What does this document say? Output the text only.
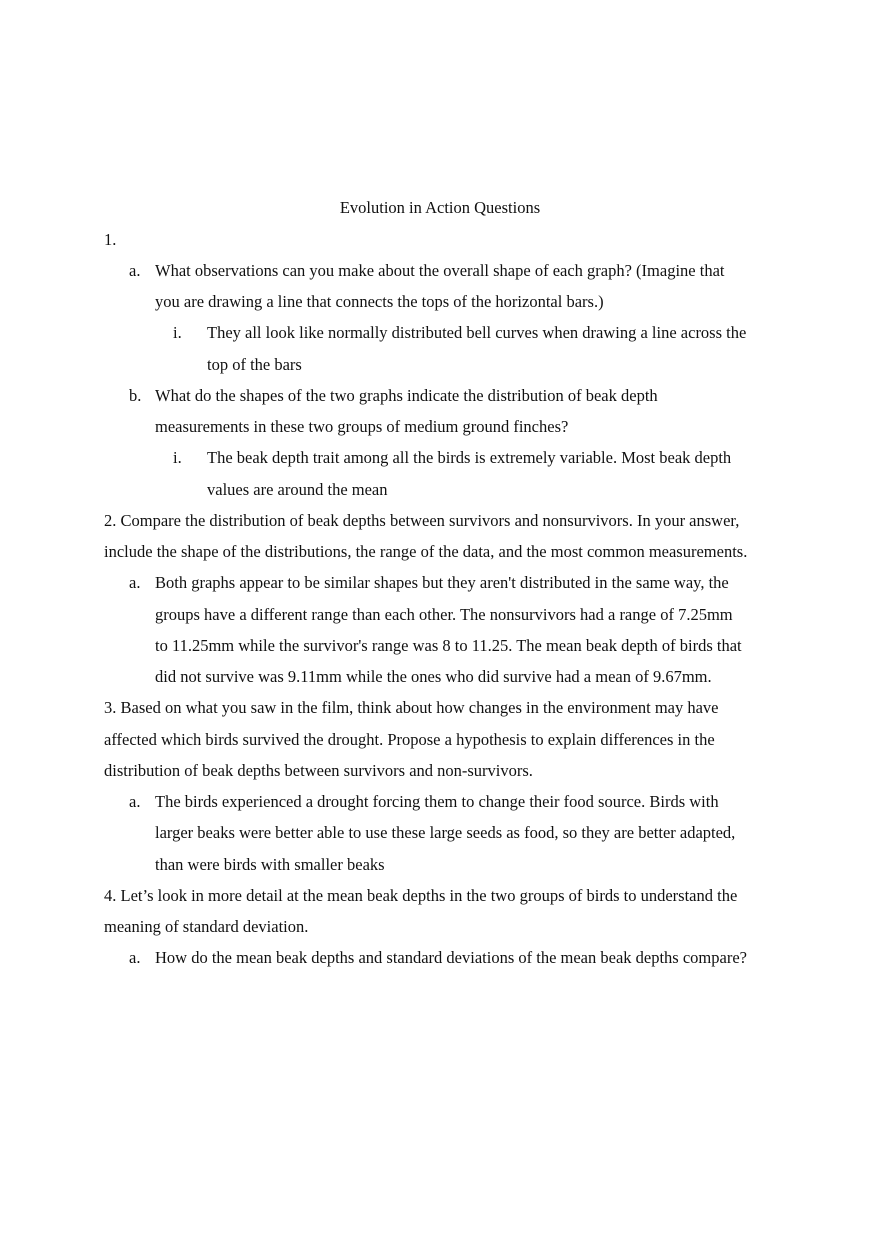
Evolution in Action Questions
1.
a. What observations can you make about the overall shape of each graph? (Imagine that
you are drawing a line that connects the tops of the horizontal bars.)
i. They all look like normally distributed bell curves when drawing a line across the
top of the bars
b. What do the shapes of the two graphs indicate the distribution of beak depth
measurements in these two groups of medium ground finches?
i. The beak depth trait among all the birds is extremely variable. Most beak depth
values are around the mean
2. Compare the distribution of beak depths between survivors and nonsurvivors. In your answer,
include the shape of the distributions, the range of the data, and the most common measurements.
a. Both graphs appear to be similar shapes but they aren't distributed in the same way, the
groups have a different range than each other. The nonsurvivors had a range of 7.25mm
to 11.25mm while the survivor's range was 8 to 11.25. The mean beak depth of birds that
did not survive was 9.11mm while the ones who did survive had a mean of 9.67mm.
3. Based on what you saw in the film, think about how changes in the environment may have
affected which birds survived the drought. Propose a hypothesis to explain differences in the
distribution of beak depths between survivors and non-survivors.
a. The birds experienced a drought forcing them to change their food source. Birds with
larger beaks were better able to use these large seeds as food, so they are better adapted,
than were birds with smaller beaks
4. Let’s look in more detail at the mean beak depths in the two groups of birds to understand the
meaning of standard deviation.
a. How do the mean beak depths and standard deviations of the mean beak depths compare?
